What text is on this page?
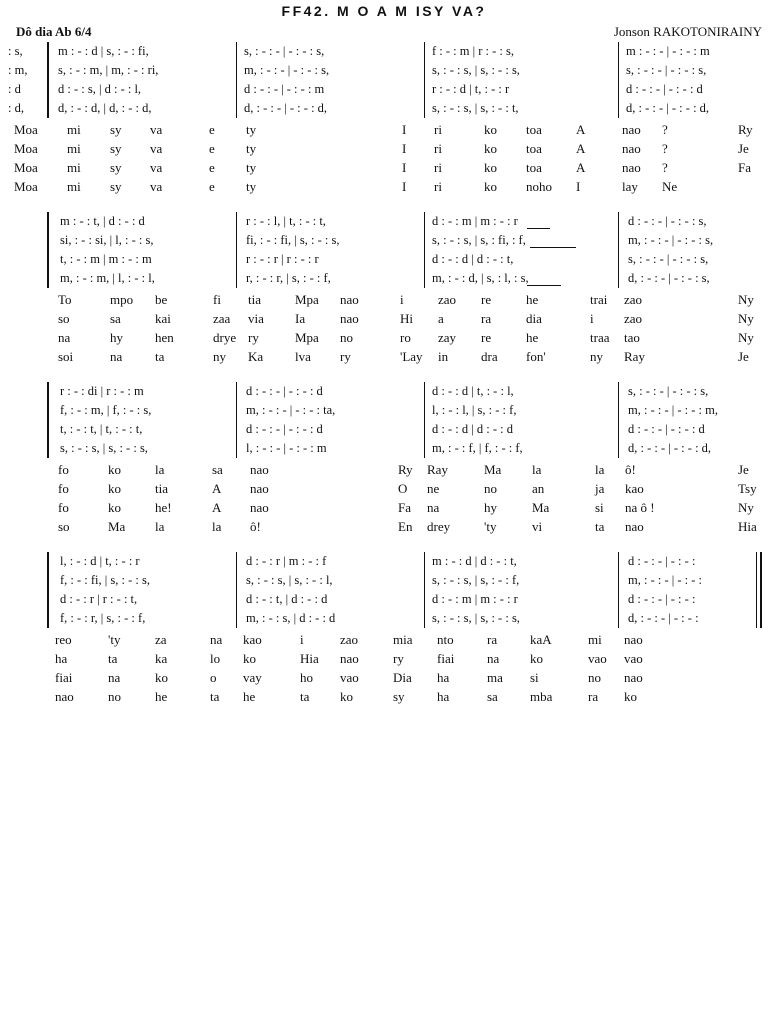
FF42. M O A M ISY VA?
Dô dia Ab 6/4	Jonson RAKOTONIRAINY
: s,	m : - : d | s, : - : fi,	s, : - : - | - : - : s,	f : - : m | r : - : s,	m : - : - | - : - : m
: m, s, : - : m, | m, : - : ri,	m, : - : - | - : - : s,	s, : - : s, | s, : - : s,	s, : - : - | - : - : s,
: d	d : - : s, | d : - : l,	d : - : - | - : - : m	r : - : d | t, : - : r	d : - : - | - : - : d
: d,	d, : - : d, | d, : - : d,	d, : - : - | - : - : d,	s, : - : s, | s, : - : t,	d, : - : - | - : - : d,
Moa mi sy va	e ty	I ri	ko toa	A	nao ?	Ry
Moa mi sy va	e ty	I ri	ko toa	A	nao ?	Je
Moa mi sy va	e ty	I ri	ko toa	A	nao ?	Fa
Moa mi sy va	e ty	I ri	ko noho I	lay Ne
m : - : t, | d : - : d	r : - : l, | t, : - : t,	d : - : m | m : - : r	d : - : - | - : - : s,
si, : - : si, | l, : - : s,	fi, : - : fi, | s, : - : s,	s, : - : s, | s, : fi, : f,	m, : - : - | - : - : s,
t, : - : m | m : - : m	r : - : r | r : - : r	d : - : d | d : - : t,	s, : - : - | - : - : s,
m, : - : m, | l, : - : l,	r, : - : r, | s, : - : f,	m, : - : d, | s, : l, : s,	d, : - : - | - : - : s,
To	mpo be	fi tia	Mpa nao	i	zao re	he	trai zao	Ny
so	sa	kai	zaa via Ia	nao	Hi a	ra	dia	i zao	Ny
na	hy hen	drye ry	Mpa no	ro zay re	he	traa tao	Ny
soi	na	ta	ny Ka lva ry	'Lay in	dra fon'	ny Ray	Je
r : - : di | r : - : m	d : - : - | - : - : d	d : - : d | t, : - : l,	s, : - : - | - : - : s,
f, : - : m, | f, : - : s,	m, : - : - | - : - : ta,	l, : - : l, | s, : - : f,	m, : - : - | - : - : m,
t, : - : t, | t, : - : t,	d : - : - | - : - : d	d : - : d | d : - : d	d : - : - | - : - : d
s, : - : s, | s, : - : s,	l, : - : - | - : - : m	m, : - : f, | f, : - : f,	d, : - : - | - : - : d,
fo	ko	la	sa nao	Ry Ray	Ma la	la ô!	Je
fo	ko	tia	A nao	O ne	no	an	ja kao	Tsy
fo	ko	he!	A nao	Fa na	hy	Ma	si na ô !	Ny
so	Ma la	la ô!	En drey	'ty	vi	ta nao	Hia
l, : - : d | t, : - : r	d : - : r | m : - : f	m : - : d | d : - : t,	d : - : - | - : - :
f, : - : fi, | s, : - : s,	s, : - : s, | s, : - : l,	s, : - : s, | s, : - : f,	m, : - : - | - : - :
d : - : r | r : - : t,	d : - : t, | d : - : d	d : - : m | m : - : r	d : - : - | - : - :
f, : - : r, | s, : - : f,	m, : - : s, | d : - : d	s, : - : s, | s, : - : s,	d, : - : - | - : - :
reo	'ty	za	na kao	i	zao	mia nto	ra	kaA	mi nao
ha	ta	ka	lo ko	Hia nao	ry	fiai	na ko	vao vao
fiai	na	ko	o vay	ho vao	Dia ha	ma si	no nao
nao	no	he	ta he	ta ko	sy ha	sa mba	ra ko
